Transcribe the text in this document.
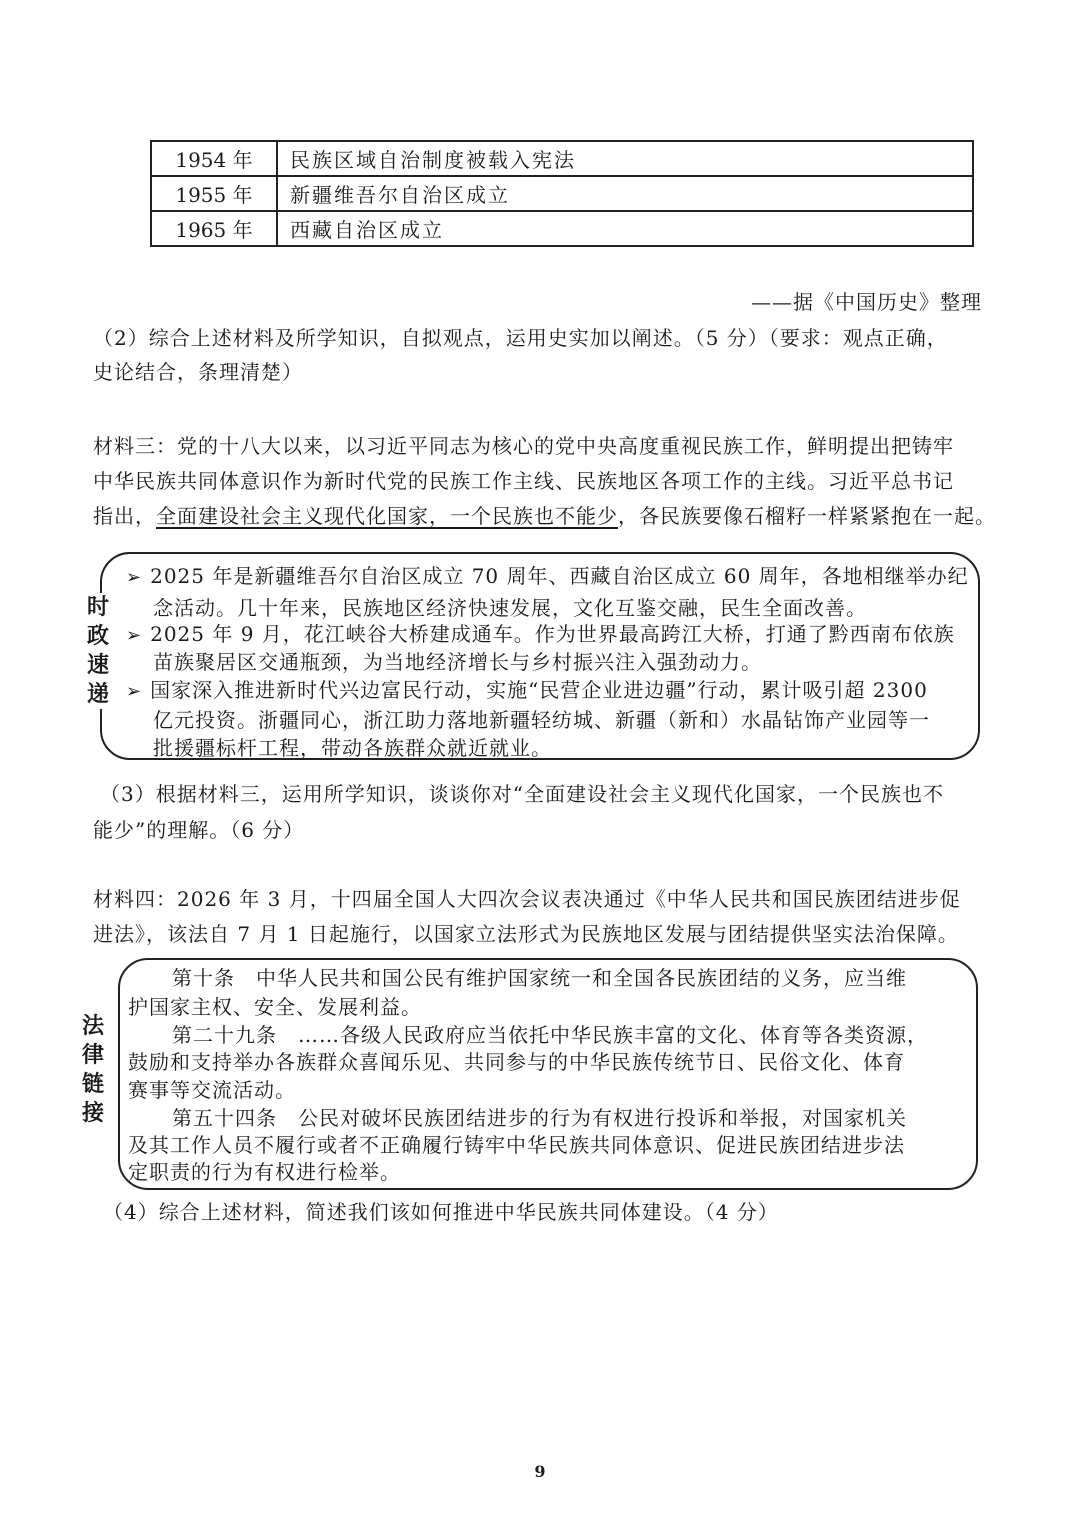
1954 年	民族区域自治制度被载入宪法
1955 年	新疆维吾尔自治区成立
1965 年	西藏自治区成立
——据《中国历史》整理
（2）综合上述材料及所学知识，自拟观点，运用史实加以阐述。（5 分）（要求：观点正确，
史论结合，条理清楚）
材料三：党的十八大以来，以习近平同志为核心的党中央高度重视民族工作，鲜明提出把铸牢
中华民族共同体意识作为新时代党的民族工作主线、民族地区各项工作的主线。习近平总书记
指出，全面建设社会主义现代化国家，一个民族也不能少，各民族要像石榴籽一样紧紧抱在一起。
时
政
速
递
➢ 2025 年是新疆维吾尔自治区成立 70 周年、西藏自治区成立 60 周年，各地相继举办纪
念活动。几十年来，民族地区经济快速发展，文化互鉴交融，民生全面改善。
➢ 2025 年 9 月，花江峡谷大桥建成通车。作为世界最高跨江大桥，打通了黔西南布依族
苗族聚居区交通瓶颈，为当地经济增长与乡村振兴注入强劲动力。
➢ 国家深入推进新时代兴边富民行动，实施“民营企业进边疆”行动，累计吸引超 2300
亿元投资。浙疆同心，浙江助力落地新疆轻纺城、新疆（新和）水晶钻饰产业园等一
批援疆标杆工程，带动各族群众就近就业。
（3）根据材料三，运用所学知识，谈谈你对“全面建设社会主义现代化国家，一个民族也不
能少”的理解。（6 分）
材料四：2026 年 3 月，十四届全国人大四次会议表决通过《中华人民共和国民族团结进步促
进法》，该法自 7 月 1 日起施行，以国家立法形式为民族地区发展与团结提供坚实法治保障。
法
律
链
接
第十条　中华人民共和国公民有维护国家统一和全国各民族团结的义务，应当维
护国家主权、安全、发展利益。
第二十九条　……各级人民政府应当依托中华民族丰富的文化、体育等各类资源，
鼓励和支持举办各族群众喜闻乐见、共同参与的中华民族传统节日、民俗文化、体育
赛事等交流活动。
第五十四条　公民对破坏民族团结进步的行为有权进行投诉和举报，对国家机关
及其工作人员不履行或者不正确履行铸牢中华民族共同体意识、促进民族团结进步法
定职责的行为有权进行检举。
（4）综合上述材料，简述我们该如何推进中华民族共同体建设。（4 分）
9
